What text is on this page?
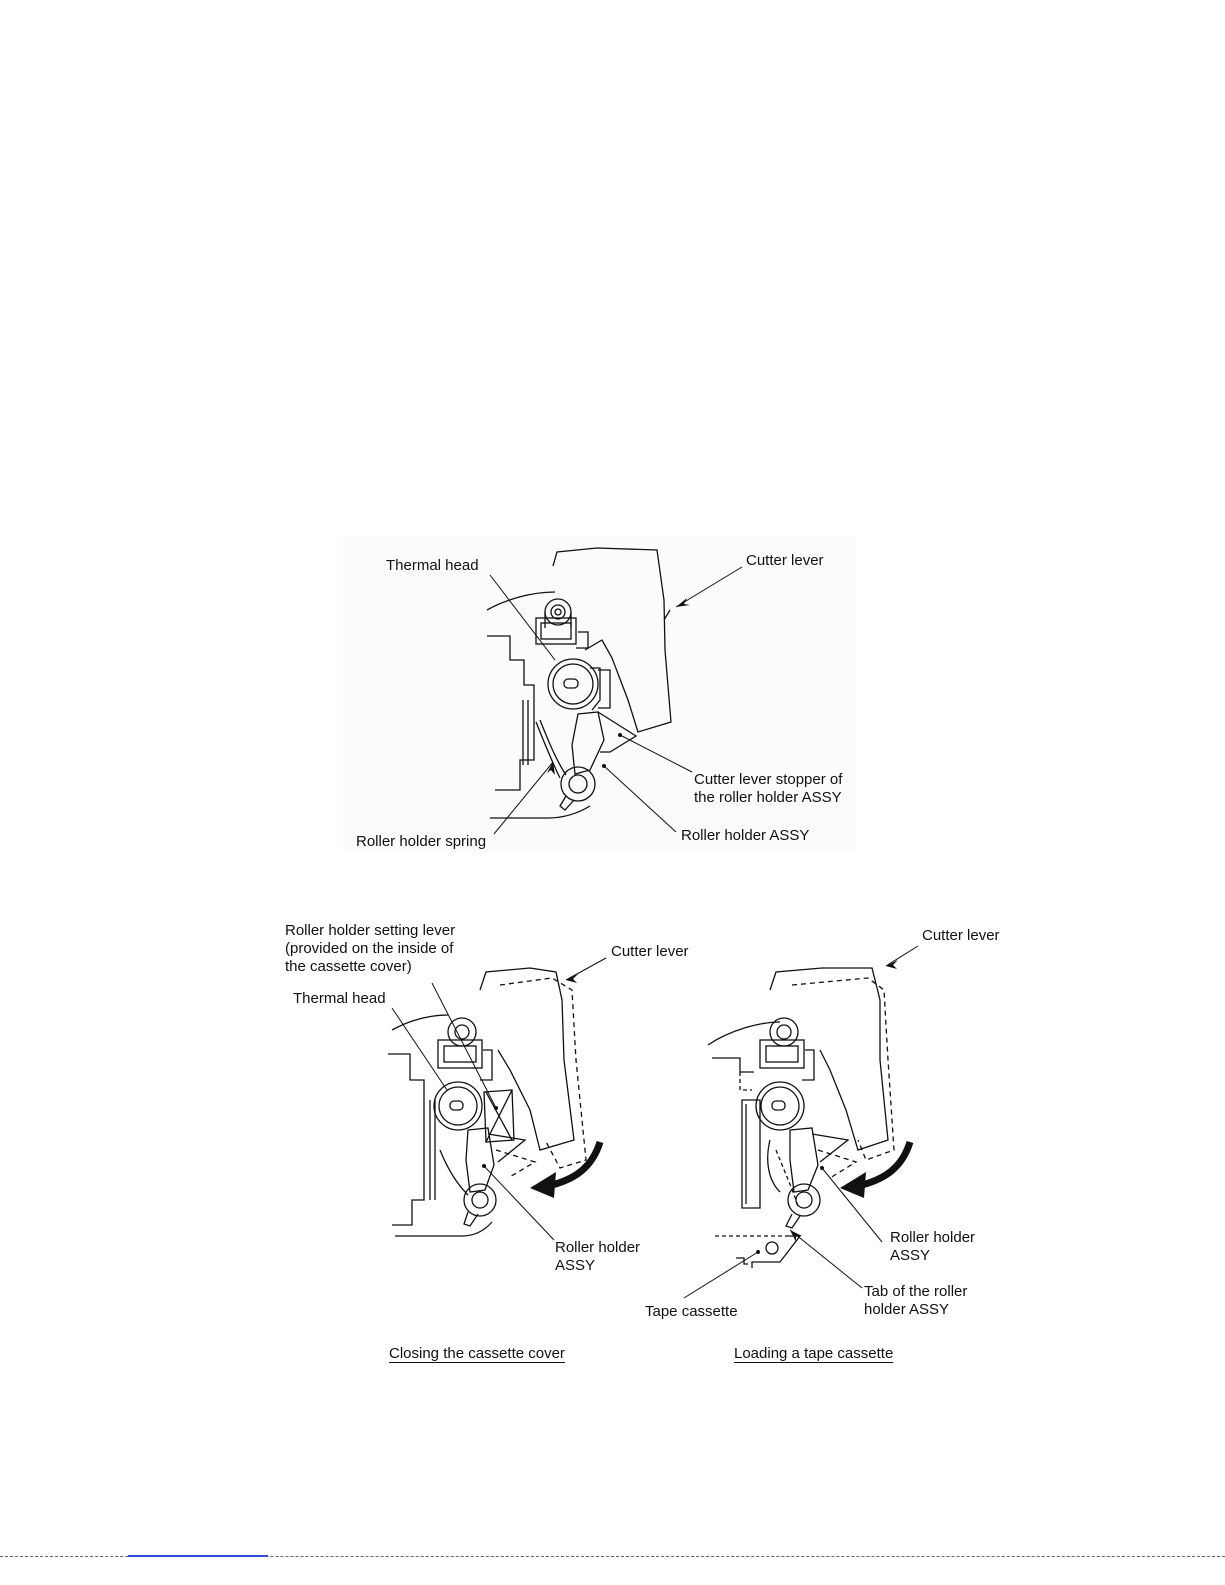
Thermal head	Cutter lever
Cutter lever stopper of
the roller holder ASSY
Roller holder spring	Roller holder ASSY
Roller holder setting lever
(provided on the inside of
the cassette cover)
Thermal head
Cutter lever
Roller holder
ASSY
Closing the cassette cover
Cutter lever
Roller holder
ASSY
Tab of the roller
holder ASSY
Tape cassette
Loading a tape cassette
